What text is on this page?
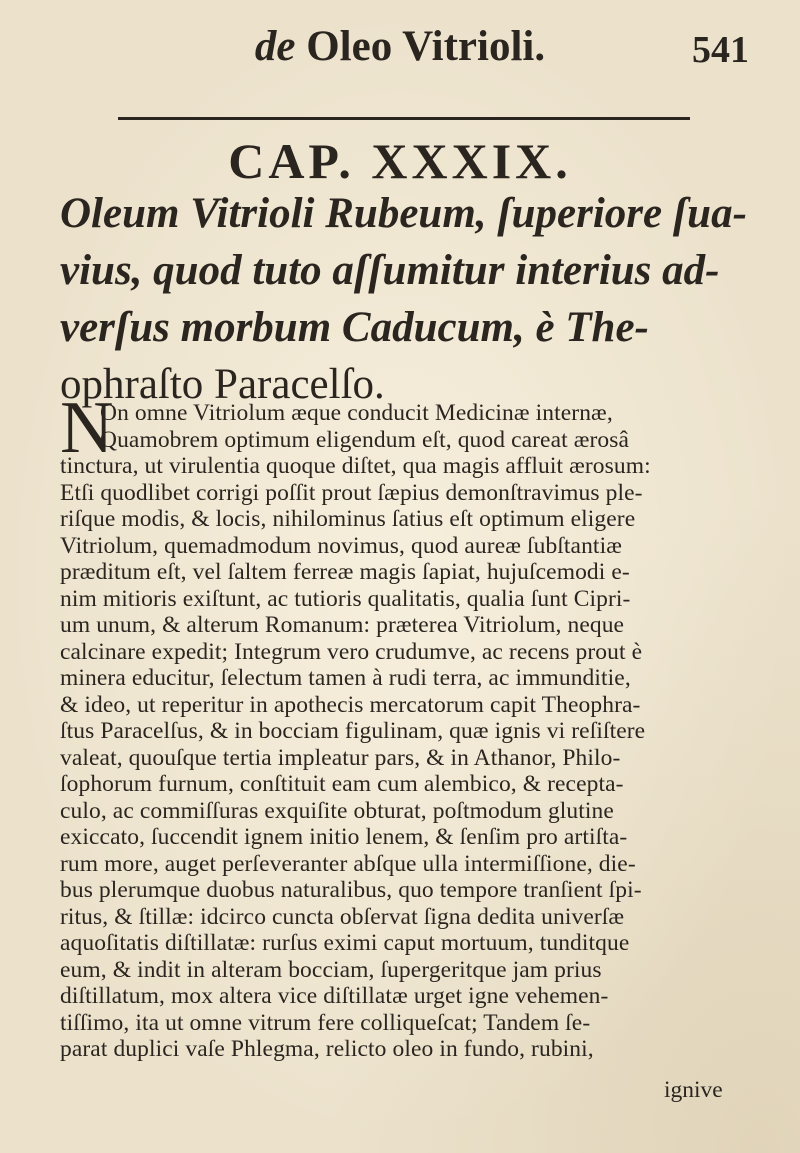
de Oleo Vitrioli.	541
CAP. XXXIX.
Oleum Vitrioli Rubeum, ſuperiore ſua-
vius, quod tuto aſſumitur interius ad-
verſus morbum Caducum, è The-
ophraſto Paracelſo.
N
On omne Vitriolum æque conducit Medicinæ internæ,
Quamobrem optimum eligendum eſt, quod careat ærosâ
tinctura, ut virulentia quoque diſtet, qua magis affluit ærosum:
Etſi quodlibet corrigi poſſit prout ſæpius demonſtravimus ple-
riſque modis, & locis, nihilominus ſatius eſt optimum eligere
Vitriolum, quemadmodum novimus, quod aureæ ſubſtantiæ
præditum eſt, vel ſaltem ferreæ magis ſapiat, hujuſcemodi e-
nim mitioris exiſtunt, ac tutioris qualitatis, qualia ſunt Cipri-
um unum, & alterum Romanum: præterea Vitriolum, neque
calcinare expedit; Integrum vero crudumve, ac recens prout è
minera educitur, ſelectum tamen à rudi terra, ac immunditie,
& ideo, ut reperitur in apothecis mercatorum capit Theophra-
ſtus Paracelſus, & in bocciam figulinam, quæ ignis vi reſiſtere
valeat, quouſque tertia impleatur pars, & in Athanor, Philo-
ſophorum furnum, conſtituit eam cum alembico, & recepta-
culo, ac commiſſuras exquiſite obturat, poſtmodum glutine
exiccato, ſuccendit ignem initio lenem, & ſenſim pro artiſta-
rum more, auget perſeveranter abſque ulla intermiſſione, die-
bus plerumque duobus naturalibus, quo tempore tranſient ſpi-
ritus, & ſtillæ: idcirco cuncta obſervat ſigna dedita univerſæ
aquoſitatis diſtillatæ: rurſus eximi caput mortuum, tunditque
eum, & indit in alteram bocciam, ſupergeritque jam prius
diſtillatum, mox altera vice diſtillatæ urget igne vehemen-
tiſſimo, ita ut omne vitrum fere colliqueſcat; Tandem ſe-
parat duplici vaſe Phlegma, relicto oleo in fundo, rubini,
ignive
